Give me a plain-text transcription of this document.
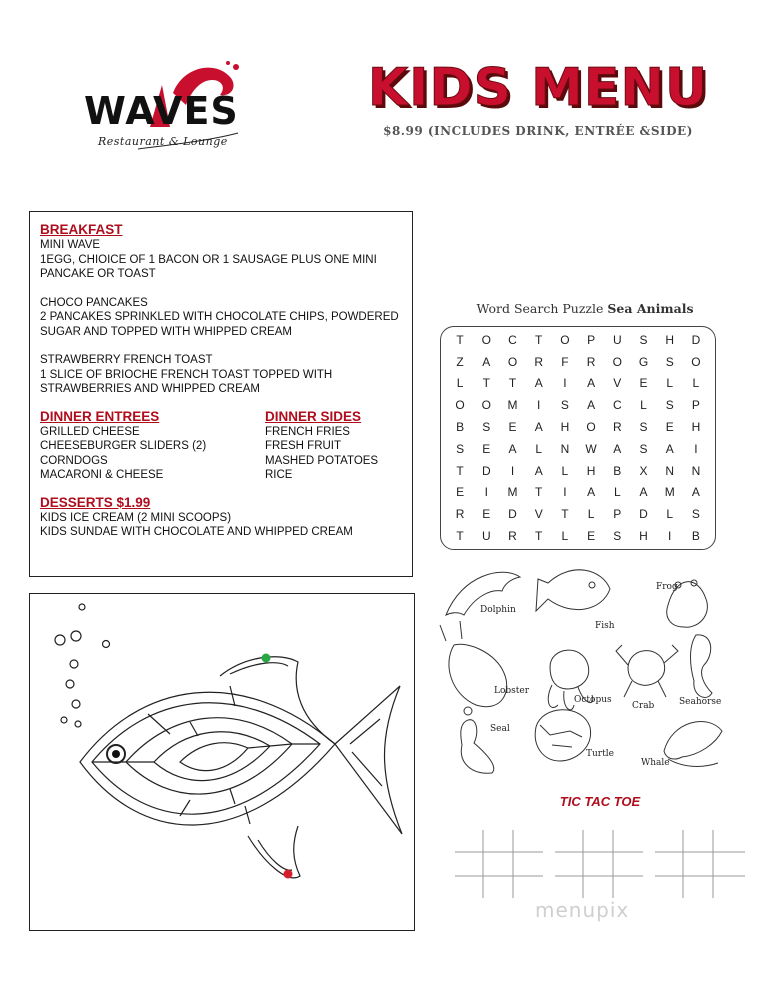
WAVES
Restaurant & Lounge
KIDS MENU
$8.99 (INCLUDES DRINK, ENTRÉE &SIDE)
BREAKFAST
MINI WAVE
1EGG, CHIOICE OF 1 BACON OR 1 SAUSAGE PLUS ONE MINI
PANCAKE OR TOAST
CHOCO PANCAKES
2 PANCAKES SPRINKLED WITH CHOCOLATE CHIPS, POWDERED
SUGAR AND TOPPED WITH WHIPPED CREAM
STRAWBERRY FRENCH TOAST
1 SLICE OF BRIOCHE FRENCH TOAST TOPPED WITH
STRAWBERRIES AND WHIPPED CREAM
DINNER ENTREES
GRILLED CHEESE
CHEESEBURGER SLIDERS (2)
CORNDOGS
MACARONI & CHEESE
DINNER SIDES
FRENCH FRIES
FRESH FRUIT
MASHED POTATOES
RICE
DESSERTS $1.99
KIDS ICE CREAM (2 MINI SCOOPS)
KIDS SUNDAE WITH CHOCOLATE AND WHIPPED CREAM
Word Search Puzzle Sea Animals
T	O	C	T	O	P	U	S	H	D
Z	A	O	R	F	R	O	G	S	O
L	T	T	A	I	A	V	E	L	L
O	O	M	I	S	A	C	L	S	P
B	S	E	A	H	O	R	S	E	H
S	E	A	L	N	W	A	S	A	I
T	D	I	A	L	H	B	X	N	N
E	I	M	T	I	A	L	A	M	A
R	E	D	V	T	L	P	D	L	S
T	U	R	T	L	E	S	H	I	B
Dolphin
Fish
Frog
Lobster
Octopus
Crab	Seahorse
Seal
Turtle
Whale
TIC TAC TOE
menupix
